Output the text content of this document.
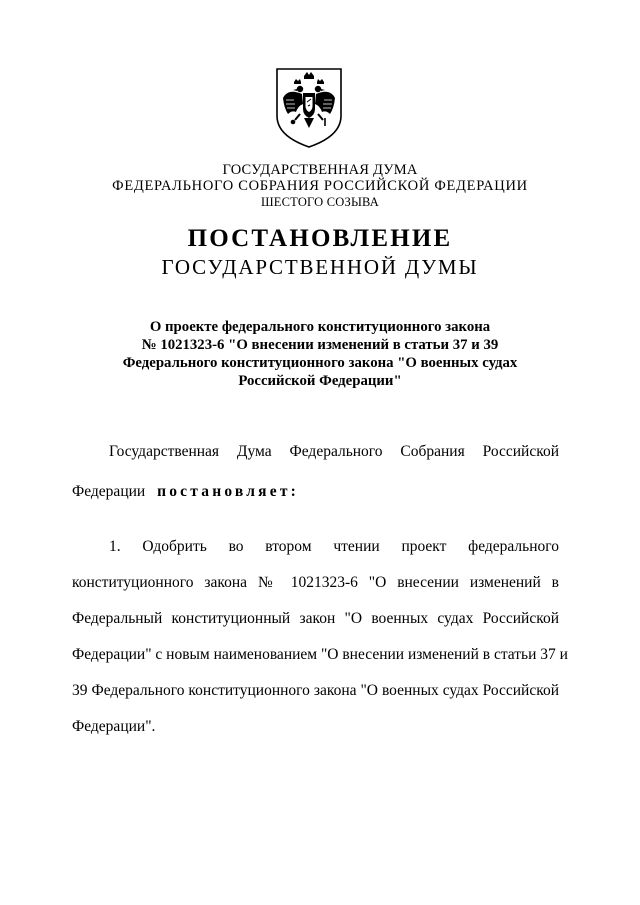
ГОСУДАРСТВЕННАЯ ДУМА
ФЕДЕРАЛЬНОГО СОБРАНИЯ РОССИЙСКОЙ ФЕДЕРАЦИИ
ШЕСТОГО СОЗЫВА
ПОСТАНОВЛЕНИЕ
ГОСУДАРСТВЕННОЙ ДУМЫ
О проекте федерального конституционного закона
№ 1021323-6 "О внесении изменений в статьи 37 и 39
Федерального конституционного закона "О военных судах
Российской Федерации"
Государственная Дума Федерального Собрания Российской
Федерации постановляет:
1. Одобрить во втором чтении проект федерального
конституционного закона № 1021323-6 "О внесении изменений в
Федеральный конституционный закон "О военных судах Российской
Федерации" с новым наименованием "О внесении изменений в статьи 37 и
39 Федерального конституционного закона "О военных судах Российской
Федерации".
